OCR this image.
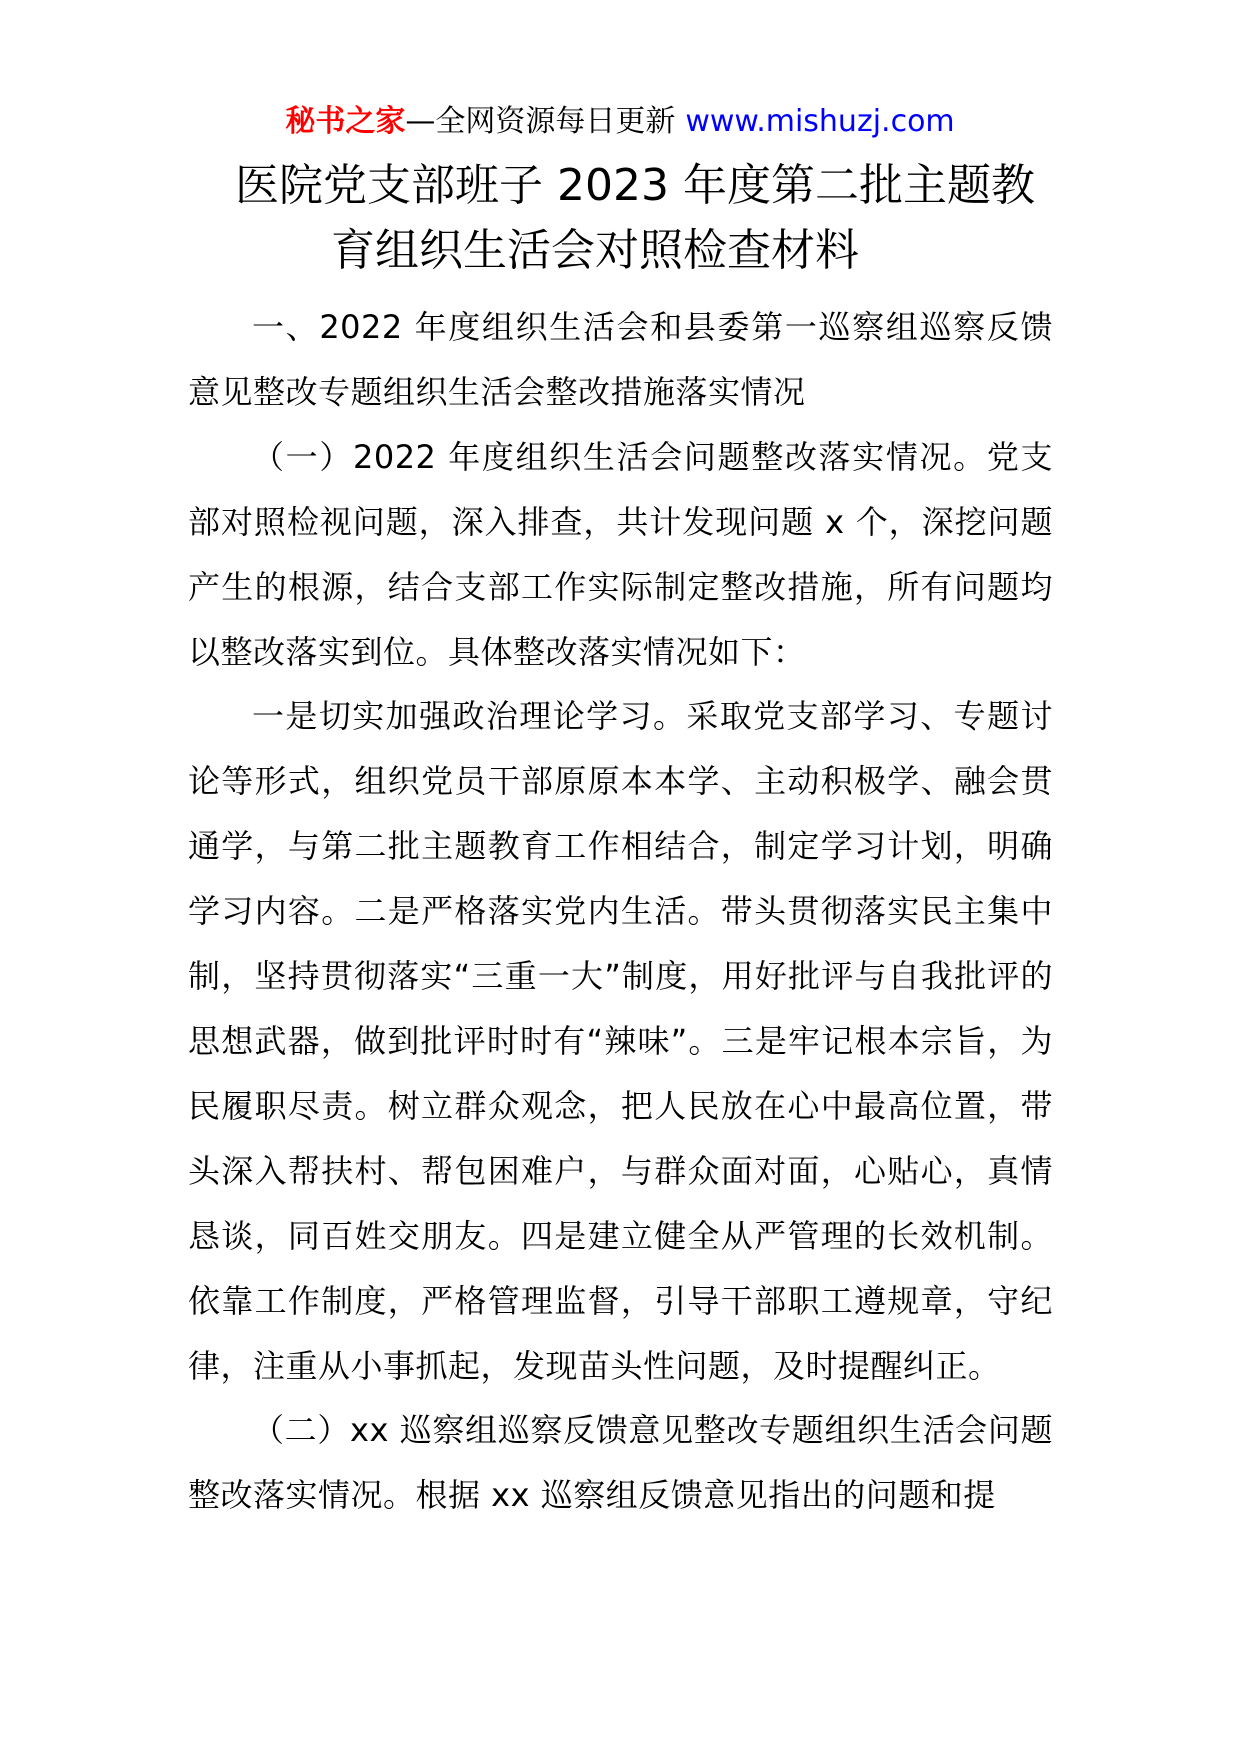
秘书之家—全网资源每日更新 www.mishuzj.com
医院党支部班子 2023 年度第二批主题教
育组织生活会对照检查材料

一、2022 年度组织生活会和县委第一巡察组巡察反馈意见整改专题组织生活会整改措施落实情况

（一）2022 年度组织生活会问题整改落实情况。党支部对照检视问题，深入排查，共计发现问题 x 个，深挖问题产生的根源，结合支部工作实际制定整改措施，所有问题均以整改落实到位。具体整改落实情况如下：

一是切实加强政治理论学习。采取党支部学习、专题讨论等形式，组织党员干部原原本本学、主动积极学、融会贯通学，与第二批主题教育工作相结合，制定学习计划，明确学习内容。二是严格落实党内生活。带头贯彻落实民主集中制，坚持贯彻落实“三重一大”制度，用好批评与自我批评的思想武器，做到批评时时有“辣味”。三是牢记根本宗旨，为民履职尽责。树立群众观念，把人民放在心中最高位置，带头深入帮扶村、帮包困难户，与群众面对面，心贴心，真情恳谈，同百姓交朋友。四是建立健全从严管理的长效机制。依靠工作制度，严格管理监督，引导干部职工遵规章，守纪律，注重从小事抓起，发现苗头性问题，及时提醒纠正。

（二）xx 巡察组巡察反馈意见整改专题组织生活会问题整改落实情况。根据 xx 巡察组反馈意见指出的问题和提
